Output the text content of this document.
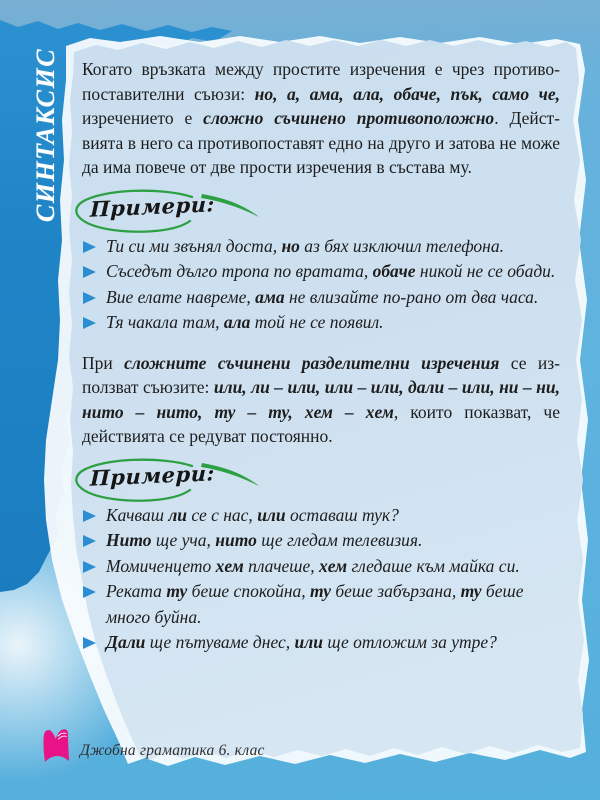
СИНТАКСИС Когато връзката между простите изречения е чрез противопоставителни съюзи: но, а, ама, ала, обаче, пък, само че, изречението е сложно съчинено противоположно. Действията в него са противопоставят едно на друго и затова не може да има повече от две прости изречения в състава му.

Примери:
Ти си ми звънял доста, но аз бях изключил телефона.
Съседът дълго тропа по вратата, обаче никой не се обади.
Вие елате навреме, ама не влизайте по-рано от два часа.
Тя чакала там, ала той не се появил.

При сложните съчинени разделителни изречения се използват съюзите: или, ли – или, или – или, дали – или, ни – ни, нито – нито, ту – ту, хем – хем, които показват, че действията се редуват постоянно.

Примери:
Качваш ли се с нас, или оставаш тук?
Нито ще уча, нито ще гледам телевизия.
Момиченцето хем плачеше, хем гледаше към майка си.
Реката ту беше спокойна, ту беше забързана, ту беше много буйна.
Дали ще пътуваме днес, или ще отложим за утре?
Джобна граматика 6. клас
